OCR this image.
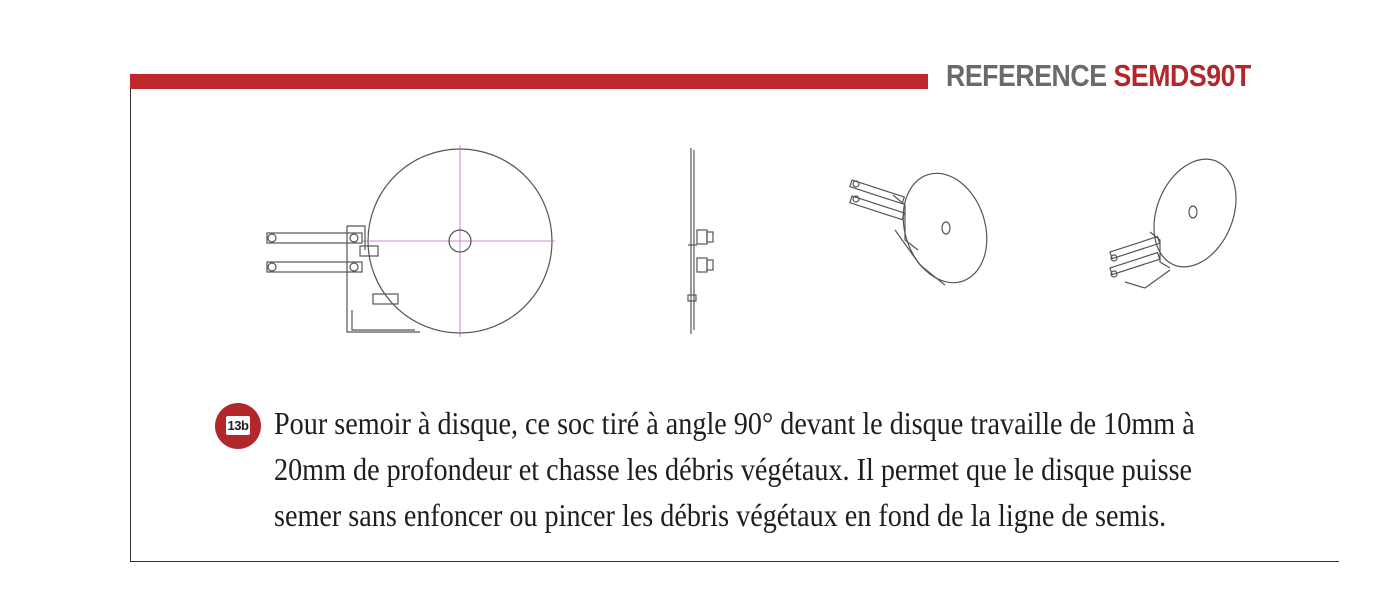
REFERENCE SEMDS90T
13b Pour semoir à disque, ce soc tiré à angle 90° devant le disque travaille de 10mm à
20mm de profondeur et chasse les débris végétaux. Il permet que le disque puisse
semer sans enfoncer ou pincer les débris végétaux en fond de la ligne de semis.
